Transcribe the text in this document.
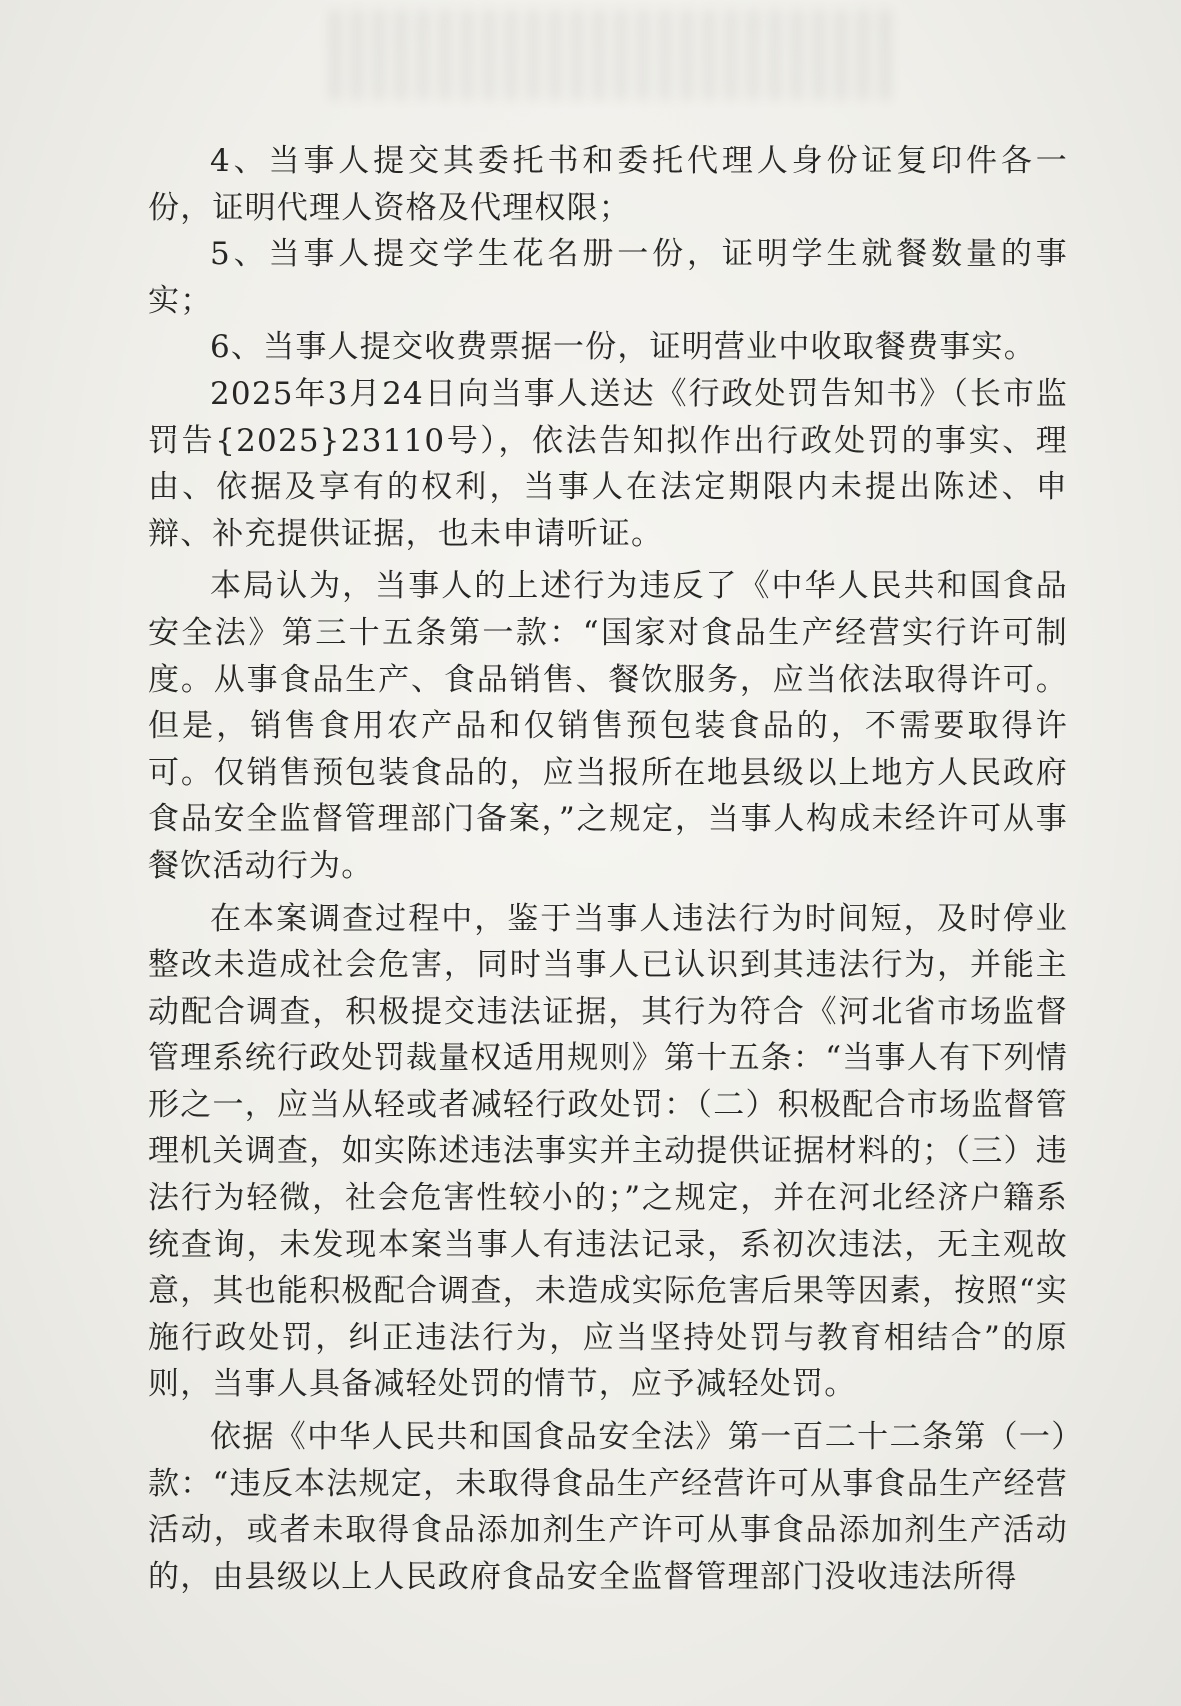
4、当事人提交其委托书和委托代理人身份证复印件各一份，证明代理人资格及代理权限；

5、当事人提交学生花名册一份，证明学生就餐数量的事实；

6、当事人提交收费票据一份，证明营业中收取餐费事实。

2025年3月24日向当事人送达《行政处罚告知书》（长市监罚告{2025}23110号），依法告知拟作出行政处罚的事实、理由、依据及享有的权利，当事人在法定期限内未提出陈述、申辩、补充提供证据，也未申请听证。

本局认为，当事人的上述行为违反了《中华人民共和国食品安全法》第三十五条第一款：“国家对食品生产经营实行许可制度。从事食品生产、食品销售、餐饮服务，应当依法取得许可。但是，销售食用农产品和仅销售预包装食品的，不需要取得许可。仅销售预包装食品的，应当报所在地县级以上地方人民政府食品安全监督管理部门备案，”之规定，当事人构成未经许可从事餐饮活动行为。

在本案调查过程中，鉴于当事人违法行为时间短，及时停业整改未造成社会危害，同时当事人已认识到其违法行为，并能主动配合调查，积极提交违法证据，其行为符合《河北省市场监督管理系统行政处罚裁量权适用规则》第十五条：“当事人有下列情形之一，应当从轻或者减轻行政处罚：（二）积极配合市场监督管理机关调查，如实陈述违法事实并主动提供证据材料的；（三）违法行为轻微，社会危害性较小的；”之规定，并在河北经济户籍系统查询，未发现本案当事人有违法记录，系初次违法，无主观故意，其也能积极配合调查，未造成实际危害后果等因素，按照“实施行政处罚，纠正违法行为，应当坚持处罚与教育相结合”的原则，当事人具备减轻处罚的情节，应予减轻处罚。

依据《中华人民共和国食品安全法》第一百二十二条第（一）款：“违反本法规定，未取得食品生产经营许可从事食品生产经营活动，或者未取得食品添加剂生产许可从事食品添加剂生产活动的，由县级以上人民政府食品安全监督管理部门没收违法所得
